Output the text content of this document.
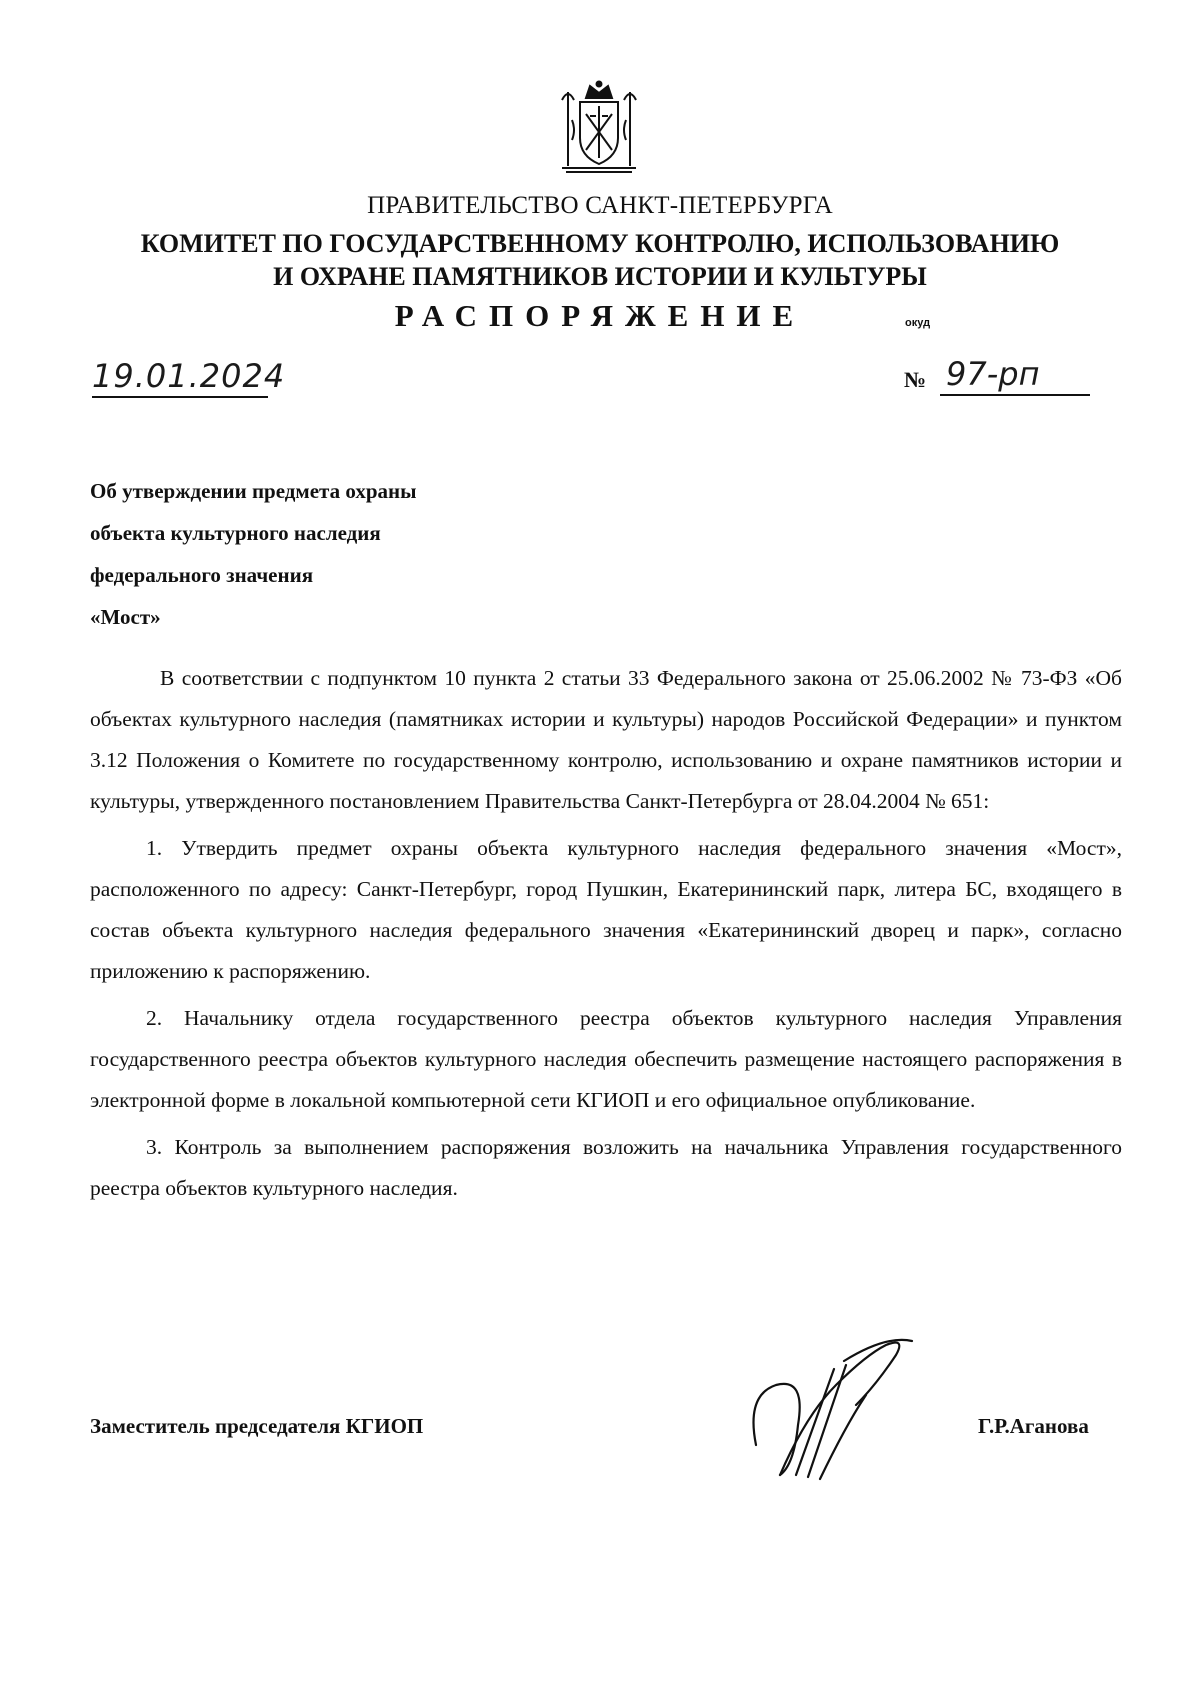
ПРАВИТЕЛЬСТВО САНКТ-ПЕТЕРБУРГА
КОМИТЕТ ПО ГОСУДАРСТВЕННОМУ КОНТРОЛЮ, ИСПОЛЬЗОВАНИЮ
И ОХРАНЕ ПАМЯТНИКОВ ИСТОРИИ И КУЛЬТУРЫ
РАСПОРЯЖЕНИЕ	окуд
19.01.2024	№ 97-рп
Об утверждении предмета охраны
объекта культурного наследия
федерального значения
«Мост»

В соответствии с подпунктом 10 пункта 2 статьи 33 Федерального закона от 25.06.2002 № 73-ФЗ «Об объектах культурного наследия (памятниках истории и культуры) народов Российской Федерации» и пунктом 3.12 Положения о Комитете по государственному контролю, использованию и охране памятников истории и культуры, утвержденного постановлением Правительства Санкт-Петербурга от 28.04.2004 № 651:

1. Утвердить предмет охраны объекта культурного наследия федерального значения «Мост», расположенного по адресу: Санкт-Петербург, город Пушкин, Екатерининский парк, литера БС, входящего в состав объекта культурного наследия федерального значения «Екатерининский дворец и парк», согласно приложению к распоряжению.

2. Начальнику отдела государственного реестра объектов культурного наследия Управления государственного реестра объектов культурного наследия обеспечить размещение настоящего распоряжения в электронной форме в локальной компьютерной сети КГИОП и его официальное опубликование.

3. Контроль за выполнением распоряжения возложить на начальника Управления государственного реестра объектов культурного наследия.

Заместитель председателя КГИОП	Г.Р.Аганова
